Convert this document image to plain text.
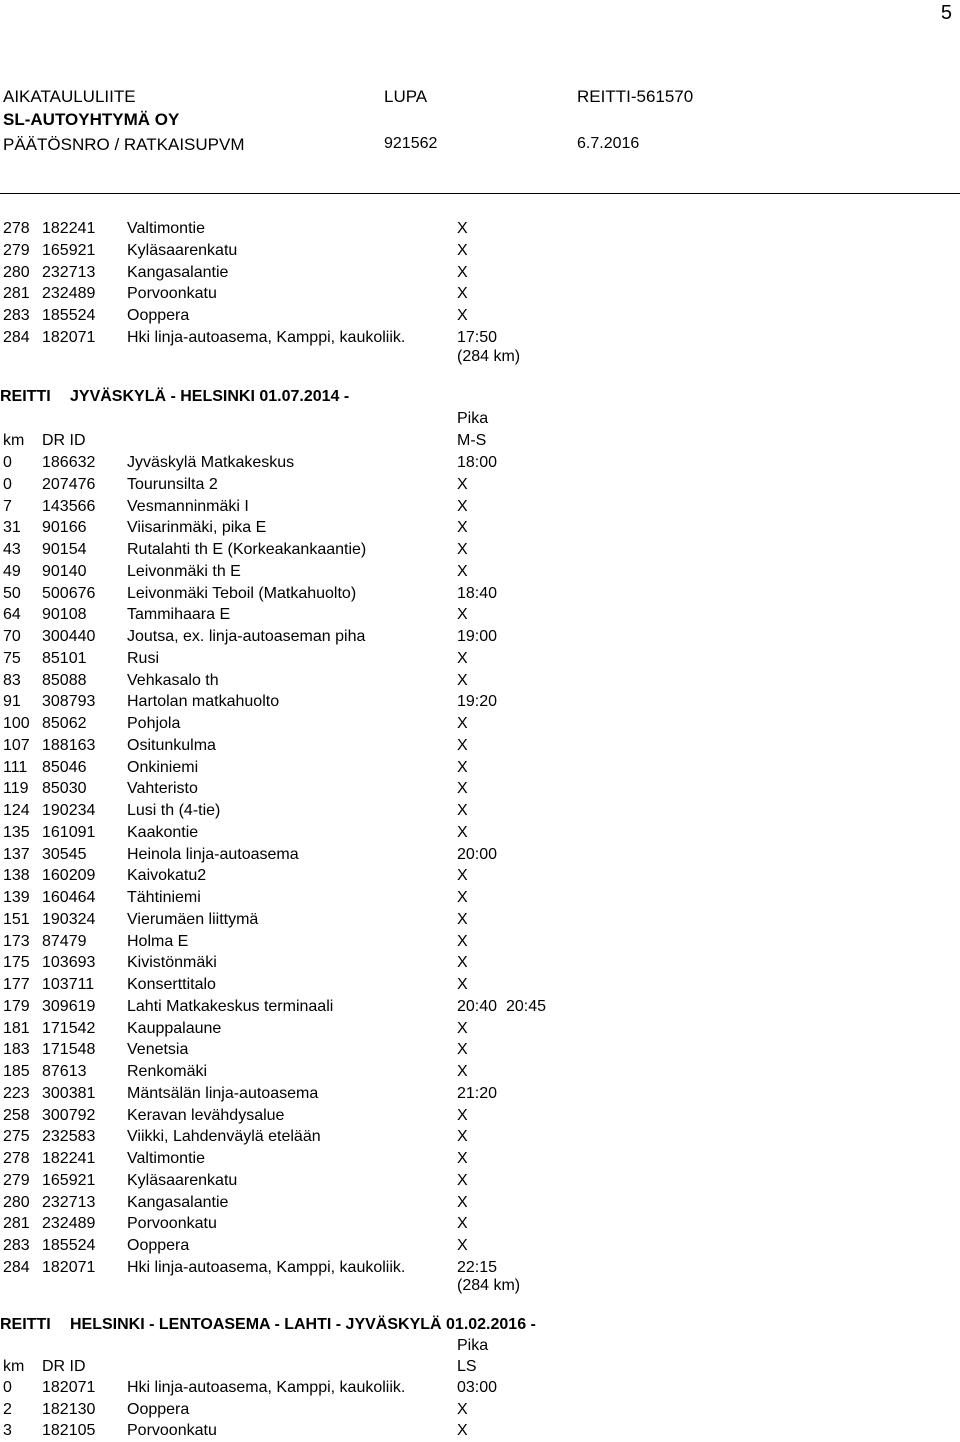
5
AIKATAULULIITE	LUPA	REITTI-561570
SL-AUTOYHTYMÄ OY
PÄÄTÖSNRO / RATKAISUPVM	921562	6.7.2016
278 182241 Valtimontie	X
279 165921 Kyläsaarenkatu	X
280 232713 Kangasalantie	X
281 232489 Porvoonkatu	X
283 185524 Ooppera	X
284 182071 Hki linja-autoasema, Kamppi, kaukoliik.	17:50
(284 km)
REITTI JYVÄSKYLÄ - HELSINKI 01.07.2014 -
Pika
km DR ID	M-S
0 186632 Jyväskylä Matkakeskus	18:00
0 207476 Tourunsilta 2	X
7 143566 Vesmanninmäki I	X
31 90166	Viisarinmäki, pika E	X
43 90154	Rutalahti th E (Korkeakankaantie)	X
49 90140	Leivonmäki th E	X
50 500676 Leivonmäki Teboil (Matkahuolto)	18:40
64 90108	Tammihaara E	X
70 300440 Joutsa, ex. linja-autoaseman piha	19:00
75 85101	Rusi	X
83 85088	Vehkasalo th	X
91 308793 Hartolan matkahuolto	19:20
100 85062	Pohjola	X
107 188163 Ositunkulma	X
111 85046	Onkiniemi	X
119 85030	Vahteristo	X
124 190234 Lusi th (4-tie)	X
135 161091 Kaakontie	X
137 30545	Heinola linja-autoasema	20:00
138 160209 Kaivokatu2	X
139 160464 Tähtiniemi	X
151 190324 Vierumäen liittymä	X
173 87479	Holma E	X
175 103693 Kivistönmäki	X
177 103711 Konserttitalo	X
179 309619 Lahti Matkakeskus terminaali	20:40 20:45
181 171542 Kauppalaune	X
183 171548 Venetsia	X
185 87613	Renkomäki	X
223 300381 Mäntsälän linja-autoasema	21:20
258 300792 Keravan levähdysalue	X
275 232583 Viikki, Lahdenväylä etelään	X
278 182241 Valtimontie	X
279 165921 Kyläsaarenkatu	X
280 232713 Kangasalantie	X
281 232489 Porvoonkatu	X
283 185524 Ooppera	X
284 182071 Hki linja-autoasema, Kamppi, kaukoliik.	22:15
(284 km)
REITTI HELSINKI - LENTOASEMA - LAHTI - JYVÄSKYLÄ 01.02.2016 -
Pika
km DR ID	LS
0 182071 Hki linja-autoasema, Kamppi, kaukoliik.	03:00
2 182130 Ooppera	X
3 182105 Porvoonkatu	X
